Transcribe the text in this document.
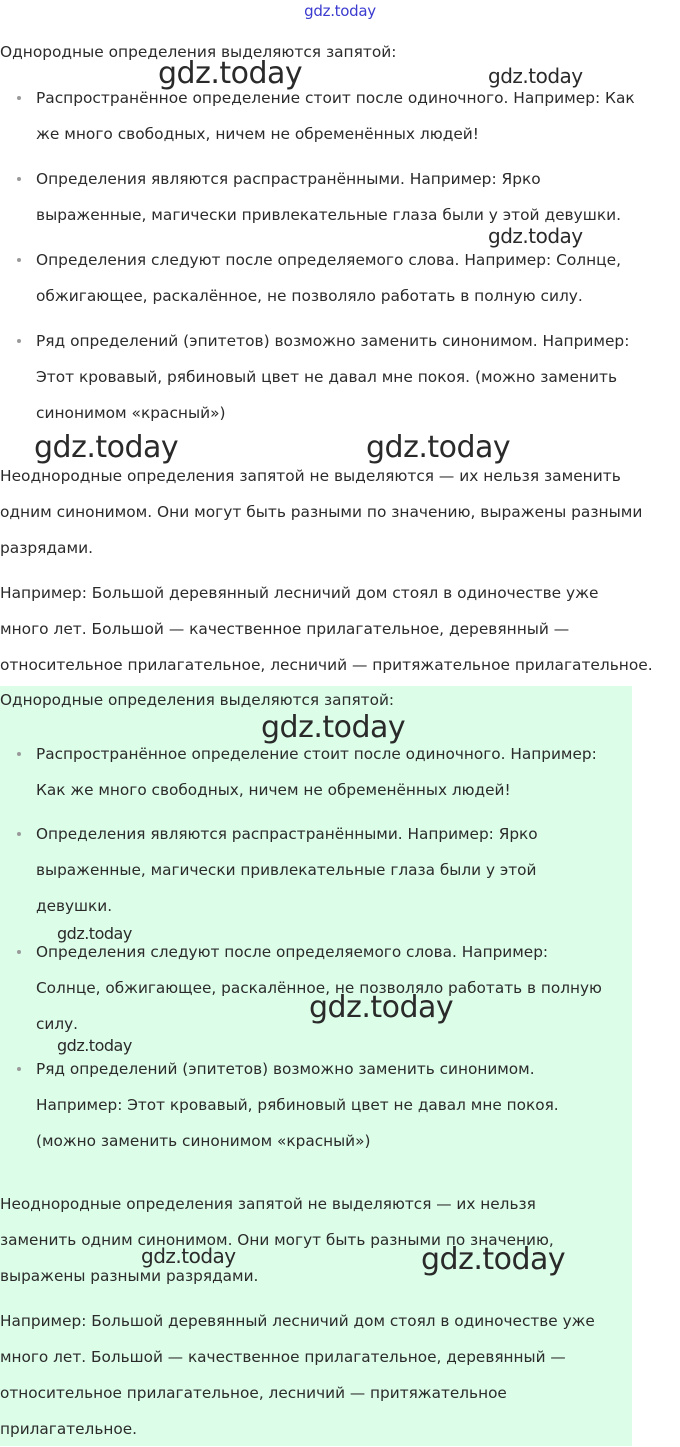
gdz.today

Однородные определения выделяются запятой:

Распространённое определение стоит после одиночного. Например: Как

же много свободных, ничем не обременённых людей!

Определения являются распрастранёнными. Например: Ярко

выраженные, магически привлекательные глаза были у этой девушки.

Определения следуют после определяемого слова. Например: Солнце,

обжигающее, раскалённое, не позволяло работать в полную силу.

Ряд определений (эпитетов) возможно заменить синонимом. Например:

Этот кровавый, рябиновый цвет не давал мне покоя. (можно заменить

синонимом «красный»)

Неоднородные определения запятой не выделяются — их нельзя заменить

одним синонимом. Они могут быть разными по значению, выражены разными

разрядами.

Например: Большой деревянный лесничий дом стоял в одиночестве уже

много лет. Большой — качественное прилагательное, деревянный —

относительное прилагательное, лесничий — притяжательное прилагательное.

Однородные определения выделяются запятой:

Распространённое определение стоит после одиночного. Например:

Как же много свободных, ничем не обременённых людей!

Определения являются распрастранёнными. Например: Ярко

выраженные, магически привлекательные глаза были у этой

девушки.

Определения следуют после определяемого слова. Например:

Солнце, обжигающее, раскалённое, не позволяло работать в полную

силу.

Ряд определений (эпитетов) возможно заменить синонимом.

Например: Этот кровавый, рябиновый цвет не давал мне покоя.

(можно заменить синонимом «красный»)

Неоднородные определения запятой не выделяются — их нельзя

заменить одним синонимом. Они могут быть разными по значению,

выражены разными разрядами.

Например: Большой деревянный лесничий дом стоял в одиночестве уже

много лет. Большой — качественное прилагательное, деревянный —

относительное прилагательное, лесничий — притяжательное

прилагательное.

gdz.today	gdz.today
gdz.today
gdz.today	gdz.today
gdz.today
gdz.today
gdz.today
gdz.today
gdz.today	gdz.today
